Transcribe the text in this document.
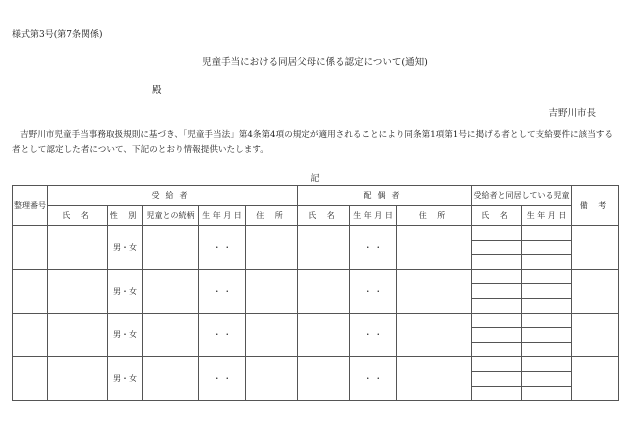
様式第3号(第7条関係)
児童手当における同居父母に係る認定について(通知)
殿
吉野川市長
吉野川市児童手当事務取扱規則に基づき、「児童手当法」第4条第4項の規定が適用されることにより同条第1項第1号に掲げる者として支給要件に該当する者として認定した者について、下記のとおり情報提供いたします。
記
整理番号	受給者					配偶者			受給者と同居している児童		備 考
	氏 名	性 別	児童との続柄	生 年 月 日	住 所	氏 名	生 年 月 日	住 所	氏 名	生 年 月 日	
		男・女		・ ・			・ ・				

		男・女		・ ・			・ ・				

		男・女		・ ・			・ ・				

		男・女		・ ・			・ ・				
